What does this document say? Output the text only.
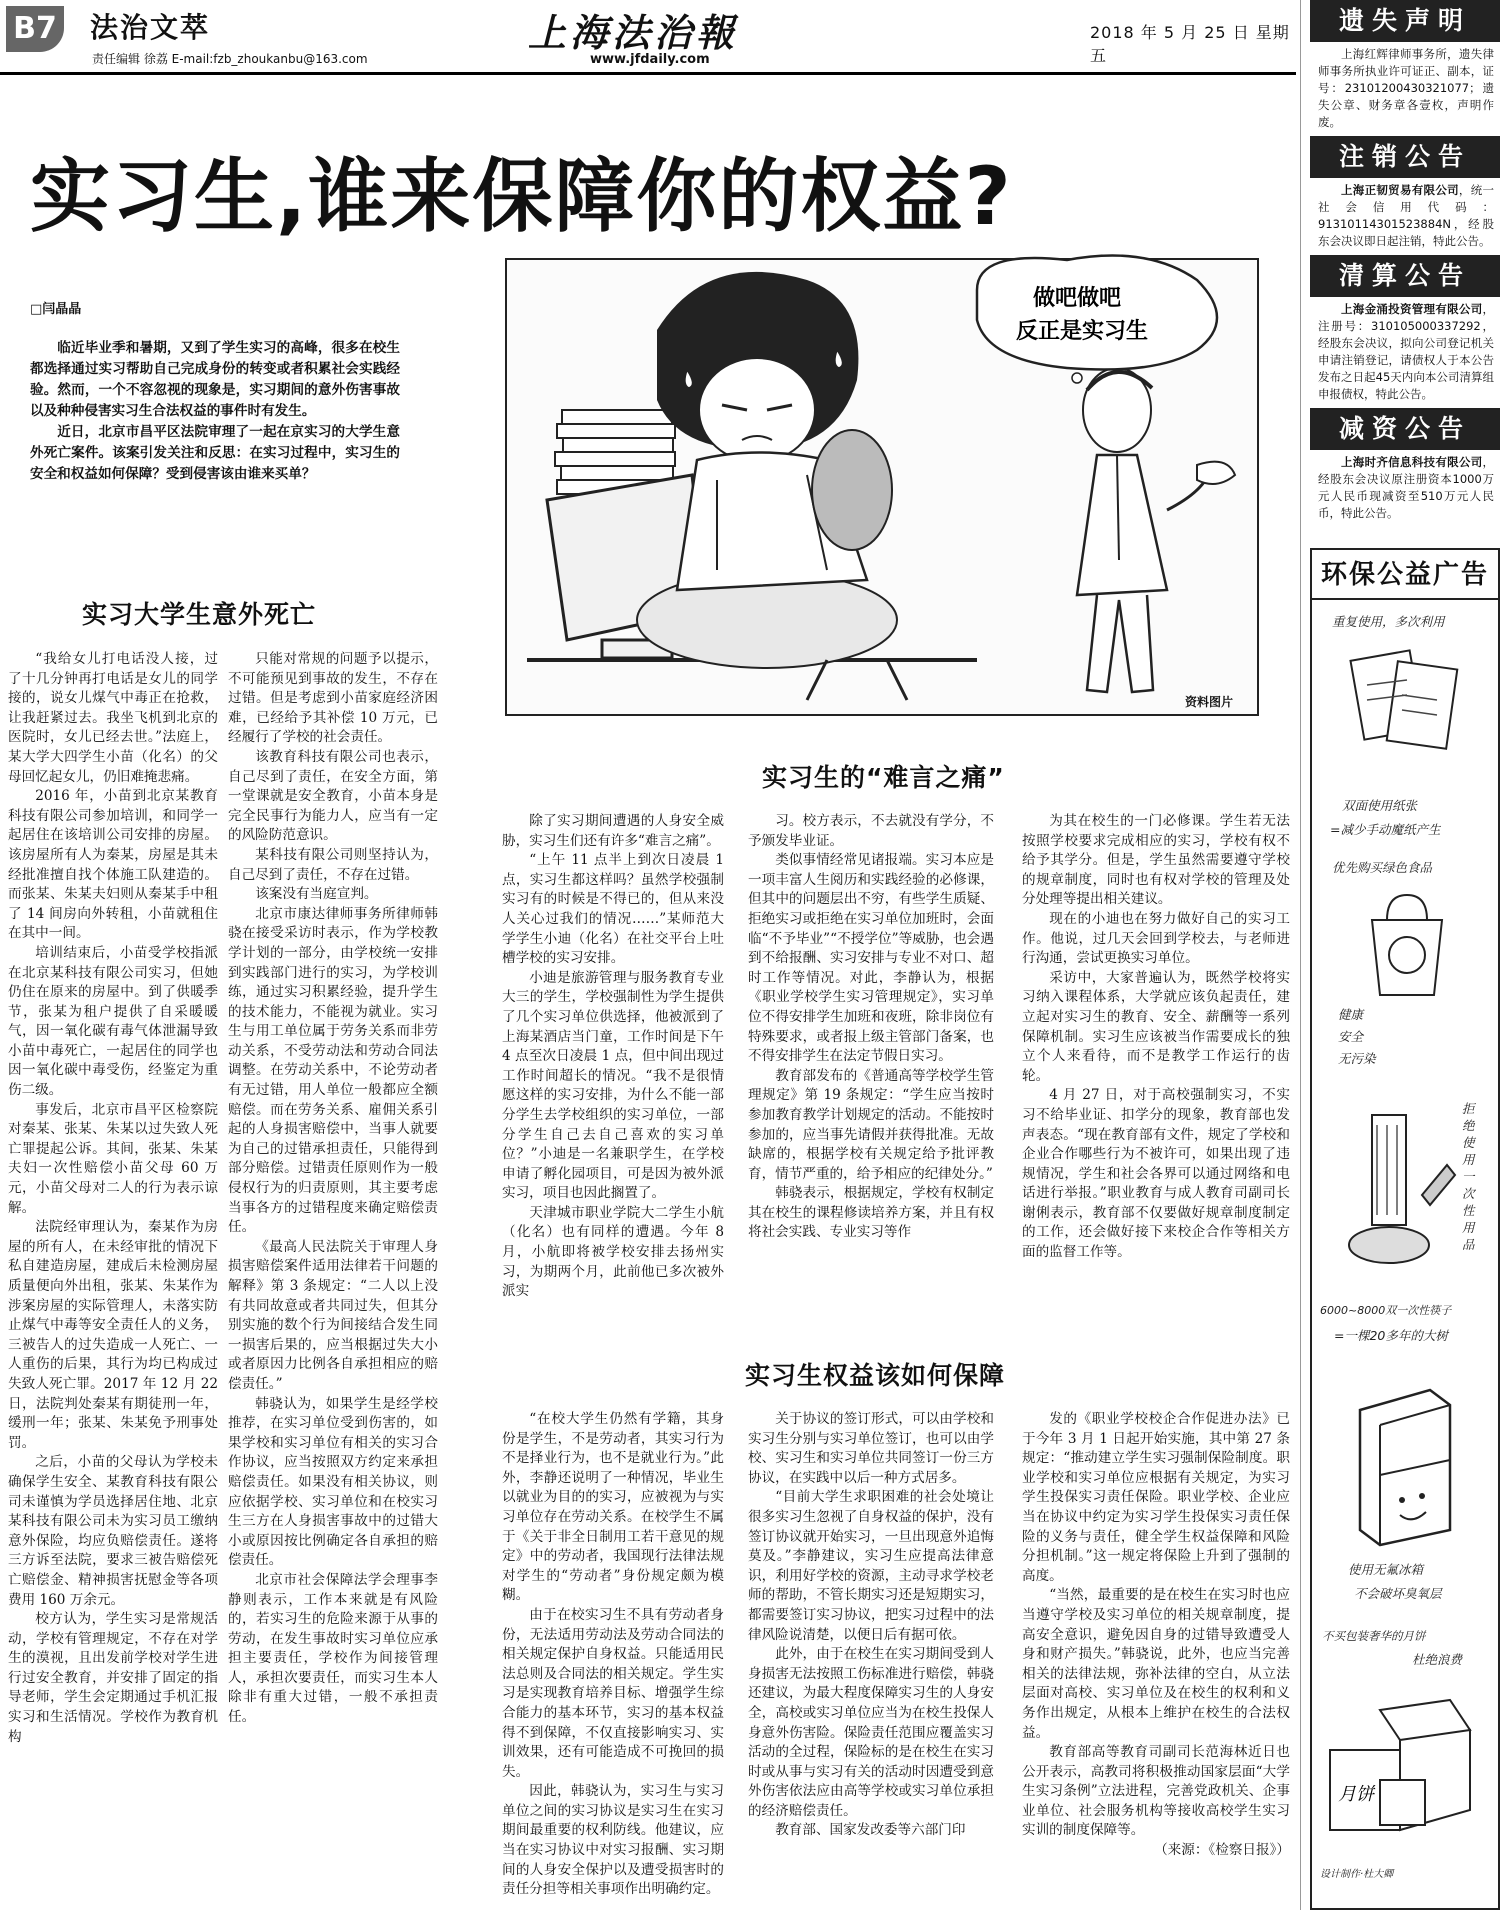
B7 法治文萃
责任编辑 徐荔 E-mail:fzb_zhoukanbu@163.com
上海法治報
www.jfdaily.com
2018 年 5 月 25 日 星期五
实习生,谁来保障你的权益?
□闫晶晶

临近毕业季和暑期，又到了学生实习的高峰，很多在校生都选择通过实习帮助自己完成身份的转变或者积累社会实践经验。然而，一个不容忽视的现象是，实习期间的意外伤害事故以及种种侵害实习生合法权益的事件时有发生。

近日，北京市昌平区法院审理了一起在京实习的大学生意外死亡案件。该案引发关注和反思：在实习过程中，实习生的安全和权益如何保障？受到侵害该由谁来买单？

做吧做吧
反正是实习生
资料图片
实习大学生意外死亡

“我给女儿打电话没人接，过了十几分钟再打电话是女儿的同学接的，说女儿煤气中毒正在抢救，让我赶紧过去。我坐飞机到北京的医院时，女儿已经去世。”法庭上，某大学大四学生小苗（化名）的父母回忆起女儿，仍旧难掩悲痛。

2016 年，小苗到北京某教育科技有限公司参加培训，和同学一起居住在该培训公司安排的房屋。该房屋所有人为秦某，房屋是其未经批准擅自找个体施工队建造的。而张某、朱某夫妇则从秦某手中租了 14 间房向外转租，小苗就租住在其中一间。

培训结束后，小苗受学校指派在北京某科技有限公司实习，但她仍住在原来的房屋中。到了供暖季节，张某为租户提供了自采暖暖气，因一氧化碳有毒气体泄漏导致小苗中毒死亡，一起居住的同学也因一氧化碳中毒受伤，经鉴定为重伤二级。

事发后，北京市昌平区检察院对秦某、张某、朱某以过失致人死亡罪提起公诉。其间，张某、朱某夫妇一次性赔偿小苗父母 60 万元，小苗父母对二人的行为表示谅解。

法院经审理认为，秦某作为房屋的所有人，在未经审批的情况下私自建造房屋，建成后未检测房屋质量便向外出租，张某、朱某作为涉案房屋的实际管理人，未落实防止煤气中毒等安全责任人的义务，三被告人的过失造成一人死亡、一人重伤的后果，其行为均已构成过失致人死亡罪。2017 年 12 月 22 日，法院判处秦某有期徒刑一年，缓刑一年；张某、朱某免予刑事处罚。

之后，小苗的父母认为学校未确保学生安全、某教育科技有限公司未谨慎为学员选择居住地、北京某科技有限公司未为实习员工缴纳意外保险，均应负赔偿责任。遂将三方诉至法院，要求三被告赔偿死亡赔偿金、精神损害抚慰金等各项费用 160 万余元。

校方认为，学生实习是常规活动，学校有管理规定，不存在对学生的漠视，且出发前学校对学生进行过安全教育，并安排了固定的指导老师，学生会定期通过手机汇报实习和生活情况。学校作为教育机构

只能对常规的问题予以提示，不可能预见到事故的发生，不存在过错。但是考虑到小苗家庭经济困难，已经给予其补偿 10 万元，已经履行了学校的社会责任。

该教育科技有限公司也表示，自己尽到了责任，在安全方面，第一堂课就是安全教育，小苗本身是完全民事行为能力人，应当有一定的风险防范意识。

某科技有限公司则坚持认为，自己尽到了责任，不存在过错。

该案没有当庭宣判。

北京市康达律师事务所律师韩骁在接受采访时表示，作为学校教学计划的一部分，由学校统一安排到实践部门进行的实习，为学校训练，通过实习积累经验，提升学生的技术能力，不能视为就业。实习生与用工单位属于劳务关系而非劳动关系，不受劳动法和劳动合同法调整。在劳动关系中，不论劳动者有无过错，用人单位一般都应全额赔偿。而在劳务关系、雇佣关系引起的人身损害赔偿中，当事人就要为自己的过错承担责任，只能得到部分赔偿。过错责任原则作为一般侵权行为的归责原则，其主要考虑当事各方的过错程度来确定赔偿责任。

《最高人民法院关于审理人身损害赔偿案件适用法律若干问题的解释》第 3 条规定：“二人以上没有共同故意或者共同过失，但其分别实施的数个行为间接结合发生同一损害后果的，应当根据过失大小或者原因力比例各自承担相应的赔偿责任。”

韩骁认为，如果学生是经学校推荐，在实习单位受到伤害的，如果学校和实习单位有相关的实习合作协议，应当按照双方约定来承担赔偿责任。如果没有相关协议，则应依据学校、实习单位和在校实习生三方在人身损害事故中的过错大小或原因按比例确定各自承担的赔偿责任。

北京市社会保障法学会理事李静则表示，工作本来就是有风险的，若实习生的危险来源于从事的劳动，在发生事故时实习单位应承担主要责任，学校作为间接管理人，承担次要责任，而实习生本人除非有重大过错，一般不承担责任。

实习生的“难言之痛”

除了实习期间遭遇的人身安全威胁，实习生们还有许多“难言之痛”。

“上午 11 点半上到次日凌晨 1 点，实习生都这样吗？虽然学校强制实习有的时候是不得已的，但从来没人关心过我们的情况……”某师范大学学生小迪（化名）在社交平台上吐槽学校的实习安排。

小迪是旅游管理与服务教育专业大三的学生，学校强制性为学生提供了几个实习单位供选择，他被派到了上海某酒店当门童，工作时间是下午 4 点至次日凌晨 1 点，但中间出现过工作时间超长的情况。“我不是很情愿这样的实习安排，为什么不能一部分学生去学校组织的实习单位，一部分学生自己去自己喜欢的实习单位？”小迪是一名兼职学生，在学校申请了孵化园项目，可是因为被外派实习，项目也因此搁置了。

天津城市职业学院大二学生小航（化名）也有同样的遭遇。今年 8 月，小航即将被学校安排去扬州实习，为期两个月，此前他已多次被外派实

习。校方表示，不去就没有学分，不予颁发毕业证。

类似事情经常见诸报端。实习本应是一项丰富人生阅历和实践经验的必修课，但其中的问题层出不穷，有些学生质疑、拒绝实习或拒绝在实习单位加班时，会面临“不予毕业”“不授学位”等威胁，也会遇到不给报酬、实习安排与专业不对口、超时工作等情况。对此，李静认为，根据《职业学校学生实习管理规定》，实习单位不得安排学生加班和夜班，除非岗位有特殊要求，或者报上级主管部门备案，也不得安排学生在法定节假日实习。

教育部发布的《普通高等学校学生管理规定》第 19 条规定：“学生应当按时参加教育教学计划规定的活动。不能按时参加的，应当事先请假并获得批准。无故缺席的，根据学校有关规定给予批评教育，情节严重的，给予相应的纪律处分。”

韩骁表示，根据规定，学校有权制定其在校生的课程修读培养方案，并且有权将社会实践、专业实习等作

为其在校生的一门必修课。学生若无法按照学校要求完成相应的实习，学校有权不给予其学分。但是，学生虽然需要遵守学校的规章制度，同时也有权对学校的管理及处分处理等提出相关建议。

现在的小迪也在努力做好自己的实习工作。他说，过几天会回到学校去，与老师进行沟通，尝试更换实习单位。

采访中，大家普遍认为，既然学校将实习纳入课程体系，大学就应该负起责任，建立起对实习生的教育、安全、薪酬等一系列保障机制。实习生应该被当作需要成长的独立个人来看待，而不是教学工作运行的齿轮。

4 月 27 日，对于高校强制实习，不实习不给毕业证、扣学分的现象，教育部也发声表态。“现在教育部有文件，规定了学校和企业合作哪些行为不被许可，如果出现了违规情况，学生和社会各界可以通过网络和电话进行举报。”职业教育与成人教育司副司长谢俐表示，教育部不仅要做好规章制度制定的工作，还会做好接下来校企合作等相关方面的监督工作等。

实习生权益该如何保障

“在校大学生仍然有学籍，其身份是学生，不是劳动者，其实习行为不是择业行为，也不是就业行为。”此外，李静还说明了一种情况，毕业生以就业为目的的实习，应被视为与实习单位存在劳动关系。在校学生不属于《关于非全日制用工若干意见的规定》中的劳动者，我国现行法律法规对学生的“劳动者”身份规定颇为模糊。

由于在校实习生不具有劳动者身份，无法适用劳动法及劳动合同法的相关规定保护自身权益。只能适用民法总则及合同法的相关规定。学生实习是实现教育培养目标、增强学生综合能力的基本环节，实习的基本权益得不到保障，不仅直接影响实习、实训效果，还有可能造成不可挽回的损失。

因此，韩骁认为，实习生与实习单位之间的实习协议是实习生在实习期间最重要的权利防线。他建议，应当在实习协议中对实习报酬、实习期间的人身安全保护以及遭受损害时的责任分担等相关事项作出明确约定。

关于协议的签订形式，可以由学校和实习生分别与实习单位签订，也可以由学校、实习生和实习单位共同签订一份三方协议，在实践中以后一种方式居多。

“目前大学生求职困难的社会处境让很多实习生忽视了自身权益的保护，没有签订协议就开始实习，一旦出现意外追悔莫及。”李静建议，实习生应提高法律意识，利用好学校的资源，主动寻求学校老师的帮助，不管长期实习还是短期实习，都需要签订实习协议，把实习过程中的法律风险说清楚，以便日后有据可依。

此外，由于在校生在实习期间受到人身损害无法按照工伤标准进行赔偿，韩骁还建议，为最大程度保障实习生的人身安全，高校或实习单位应当为在校生投保人身意外伤害险。保险责任范围应覆盖实习活动的全过程，保险标的是在校生在实习时或从事与实习有关的活动时因遭受到意外伤害依法应由高等学校或实习单位承担的经济赔偿责任。

教育部、国家发改委等六部门印

发的《职业学校校企合作促进办法》已于今年 3 月 1 日起开始实施，其中第 27 条规定：“推动建立学生实习强制保险制度。职业学校和实习单位应根据有关规定，为实习学生投保实习责任保险。职业学校、企业应当在协议中约定为实习学生投保实习责任保险的义务与责任，健全学生权益保障和风险分担机制。”这一规定将保险上升到了强制的高度。

“当然，最重要的是在校生在实习时也应当遵守学校及实习单位的相关规章制度，提高安全意识，避免因自身的过错导致遭受人身和财产损失。”韩骁说，此外，也应当完善相关的法律法规，弥补法律的空白，从立法层面对高校、实习单位及在校生的权利和义务作出规定，从根本上维护在校生的合法权益。

教育部高等教育司副司长范海林近日也公开表示，高教司将积极推动国家层面“大学生实习条例”立法进程，完善党政机关、企事业单位、社会服务机构等接收高校学生实习实训的制度保障等。

（来源：《检察日报》）
遗失声明
上海红辉律师事务所，遗失律师事务所执业许可证正、副本，证号：23101200430321077；遗失公章、财务章各壹枚，声明作废。
注销公告
上海正韧贸易有限公司，统一社会信用代码：91310114301523884N，经股东会决议即日起注销，特此公告。
清算公告
上海金涌投资管理有限公司，注册号：310105000337292，经股东会决议，拟向公司登记机关申请注销登记，请债权人于本公告发布之日起45天内向本公司清算组申报债权，特此公告。
减资公告
上海时齐信息科技有限公司，经股东会决议原注册资本1000万元人民币现减资至510万元人民币，特此公告。
环保公益广告
重复使用，多次利用
双面使用纸张
=减少手动魔纸产生
优先购买绿色食品
健康
安全
无污染
拒绝使用一次性用品
6000~8000双一次性筷子
=一棵20多年的大树
使用无氟冰箱
不会破坏臭氧层
不买包装奢华的月饼
杜绝浪费
月饼
设计制作·杜大卿
